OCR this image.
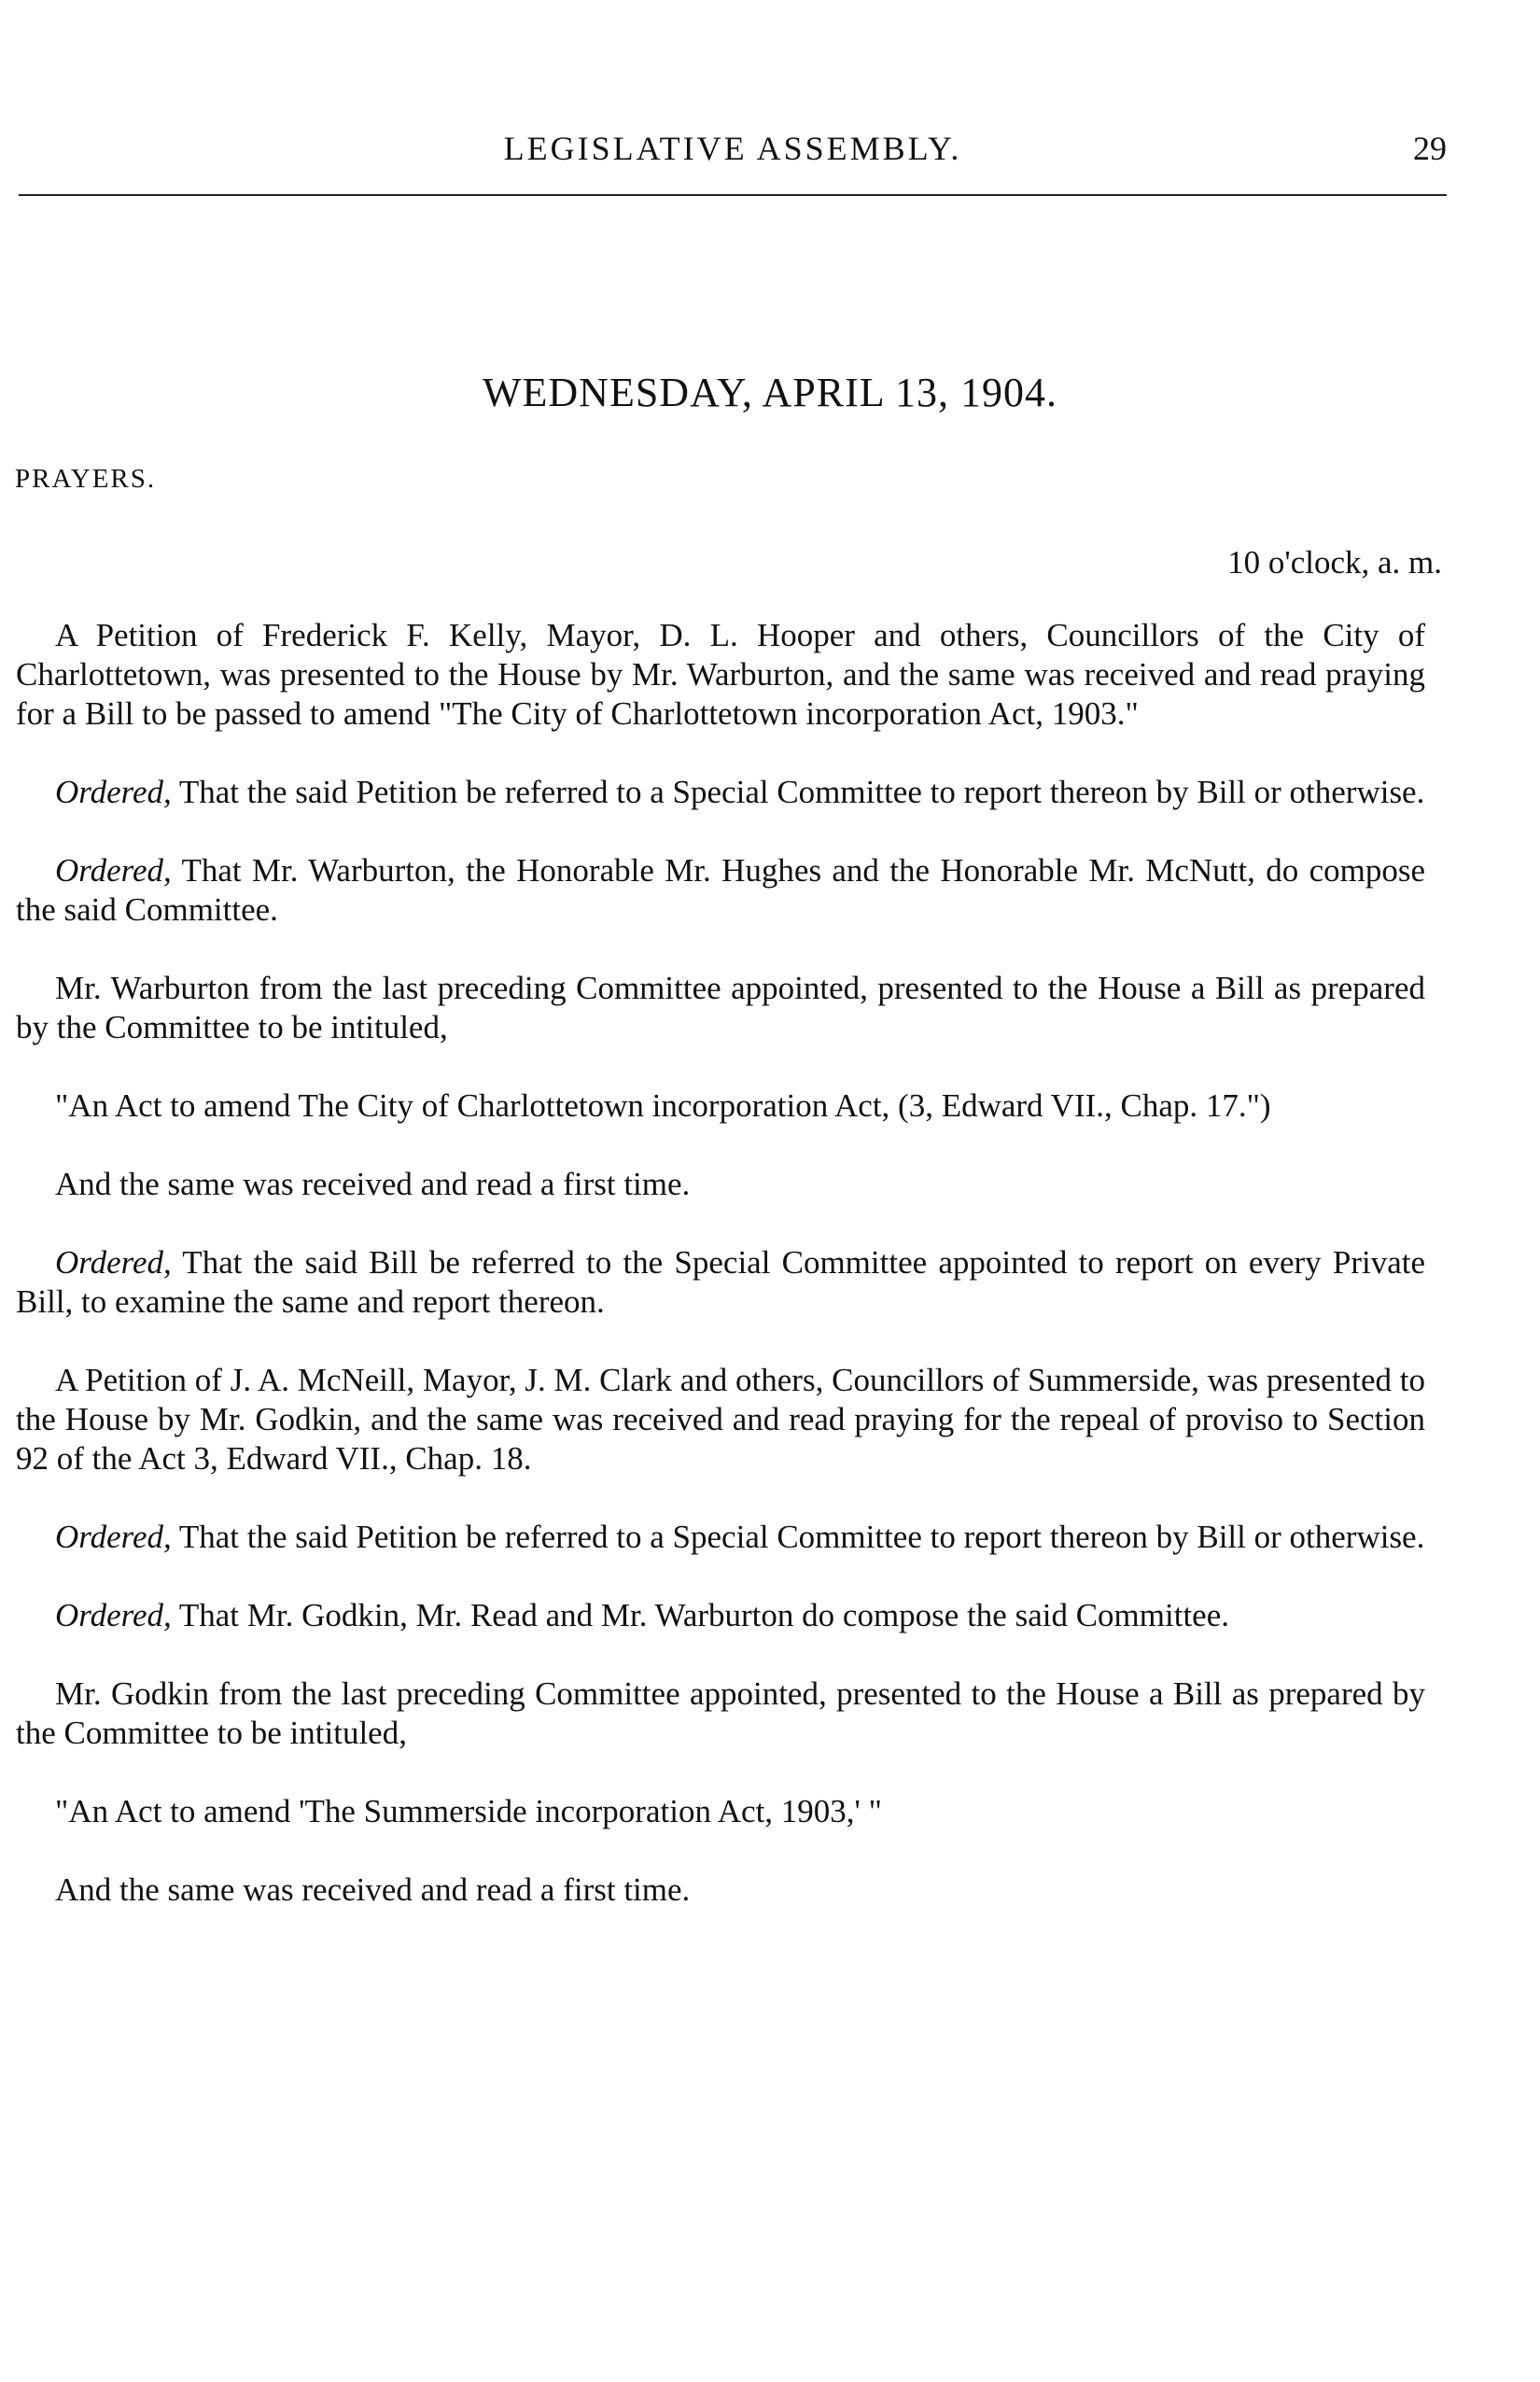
LEGISLATIVE ASSEMBLY.	29
WEDNESDAY, APRIL 13, 1904.
PRAYERS.
10 o'clock, a. m.

A Petition of Frederick F. Kelly, Mayor, D. L. Hooper and others, Councillors of the City of Charlottetown, was presented to the House by Mr. Warburton, and the same was received and read praying for a Bill to be passed to amend "The City of Charlottetown incorporation Act, 1903."

Ordered, That the said Petition be referred to a Special Committee to report thereon by Bill or otherwise.

Ordered, That Mr. Warburton, the Honorable Mr. Hughes and the Honorable Mr. McNutt, do compose the said Committee.

Mr. Warburton from the last preceding Committee appointed, presented to the House a Bill as prepared by the Committee to be intituled,

"An Act to amend The City of Charlottetown incorporation Act, (3, Edward VII., Chap. 17.")

And the same was received and read a first time.

Ordered, That the said Bill be referred to the Special Committee appointed to report on every Private Bill, to examine the same and report thereon.

A Petition of J. A. McNeill, Mayor, J. M. Clark and others, Councillors of Summerside, was presented to the House by Mr. Godkin, and the same was received and read praying for the repeal of proviso to Section 92 of the Act 3, Edward VII., Chap. 18.

Ordered, That the said Petition be referred to a Special Committee to report thereon by Bill or otherwise.

Ordered, That Mr. Godkin, Mr. Read and Mr. Warburton do compose the said Committee.

Mr. Godkin from the last preceding Committee appointed, presented to the House a Bill as prepared by the Committee to be intituled,

"An Act to amend 'The Summerside incorporation Act, 1903,' "

And the same was received and read a first time.
